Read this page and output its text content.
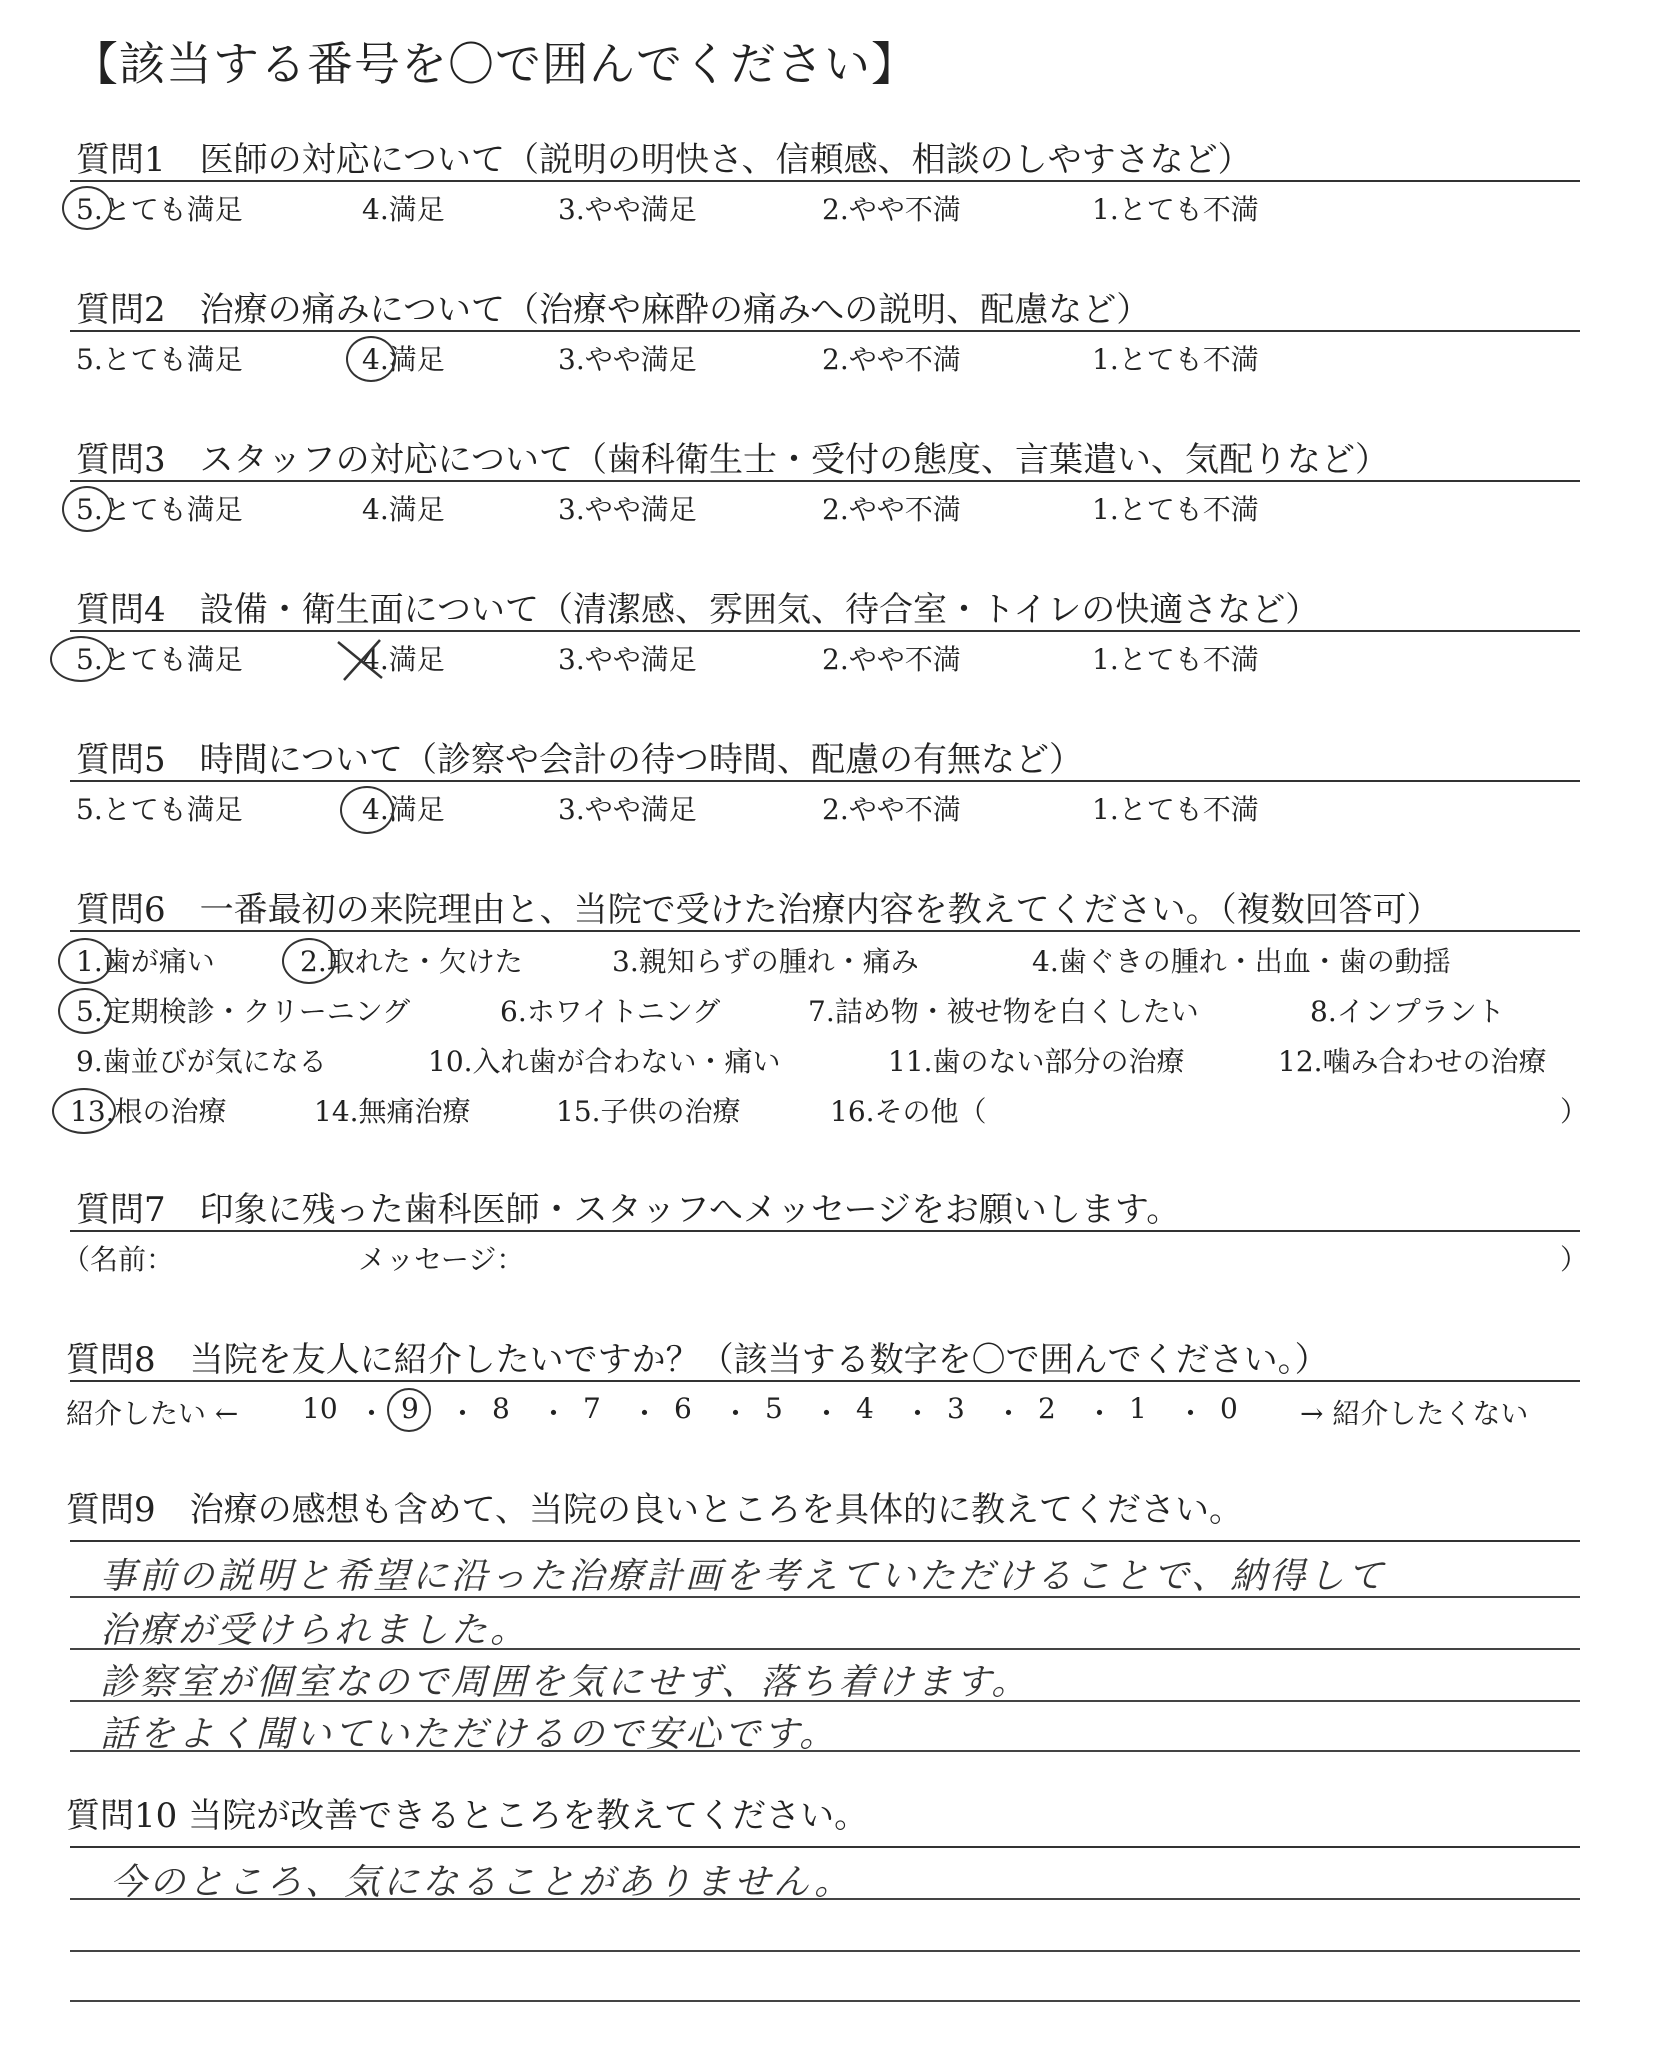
【該当する番号を〇で囲んでください】
質問1　医師の対応について（説明の明快さ、信頼感、相談のしやすさなど）
5.とても満足	4.満足	3.やや満足	2.やや不満	1.とても不満
質問2　治療の痛みについて（治療や麻酔の痛みへの説明、配慮など）
5.とても満足	4.満足	3.やや満足	2.やや不満	1.とても不満
質問3　スタッフの対応について（歯科衛生士・受付の態度、言葉遣い、気配りなど）
5.とても満足	4.満足	3.やや満足	2.やや不満	1.とても不満
質問4　設備・衛生面について（清潔感、雰囲気、待合室・トイレの快適さなど）
5.とても満足	4.満足	3.やや満足	2.やや不満	1.とても不満
質問5　時間について（診察や会計の待つ時間、配慮の有無など）
5.とても満足	4.満足	3.やや満足	2.やや不満	1.とても不満
質問6　一番最初の来院理由と、当院で受けた治療内容を教えてください。（複数回答可）
1.歯が痛い	2.取れた・欠けた	3.親知らずの腫れ・痛み	4.歯ぐきの腫れ・出血・歯の動揺
5.定期検診・クリーニング	6.ホワイトニング	7.詰め物・被せ物を白くしたい	8.インプラント
9.歯並びが気になる	10.入れ歯が合わない・痛い	11.歯のない部分の治療	12.噛み合わせの治療
13.根の治療	14.無痛治療	15.子供の治療	16.その他（	）
質問7　印象に残った歯科医師・スタッフへメッセージをお願いします。
（名前：	メッセージ：	）
質問8　当院を友人に紹介したいですか？（該当する数字を〇で囲んでください。）
紹介したい ←	→ 紹介したくない
10 ・ 9 ・ 8 ・ 7 ・ 6 ・ 5 ・ 4 ・ 3 ・ 2 ・ 1 ・ 0
質問9　治療の感想も含めて、当院の良いところを具体的に教えてください。
事前の説明と希望に沿った治療計画を考えていただけることで、納得して
治療が受けられました。
診察室が個室なので周囲を気にせず、落ち着けます。
話をよく聞いていただけるので安心です。
質問10 当院が改善できるところを教えてください。
今のところ、気になることがありません。
